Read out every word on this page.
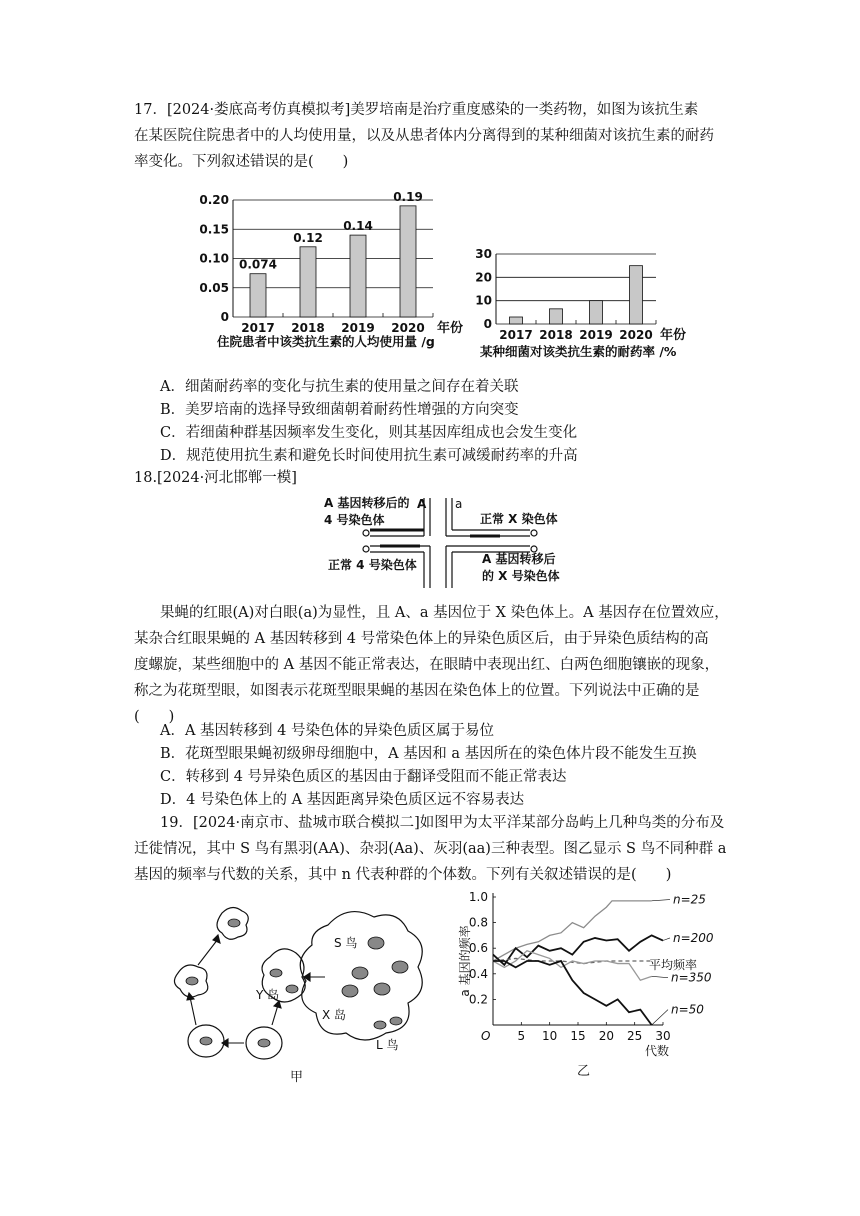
17．[2024·娄底高考仿真模拟考]美罗培南是治疗重度感染的一类药物，如图为该抗生素
在某医院住院患者中的人均使用量，以及从患者体内分离得到的某种细菌对该抗生素的耐药
率变化。下列叙述错误的是(　　)
0
0.05
0.10
0.15
0.20
2017
0.074
2018
0.12
2019
0.14
2020
0.19
年份
住院患者中该类抗生素的人均使用量 /g
0
10
20
30
2017 2018 2019 2020 年份
某种细菌对该类抗生素的耐药率 /%
A．细菌耐药率的变化与抗生素的使用量之间存在着关联
B．美罗培南的选择导致细菌朝着耐药性增强的方向突变
C．若细菌种群基因频率发生变化，则其基因库组成也会发生变化
D．规范使用抗生素和避免长时间使用抗生素可减缓耐药率的升高
18.[2024·河北邯郸一模]
A 基因转移后的
4 号染色体
A a
正常 X 染色体
正常 4 号染色体	A 基因转移后
的 X 号染色体
果蝇的红眼(A)对白眼(a)为显性，且 A、a 基因位于 X 染色体上。A 基因存在位置效应，
某杂合红眼果蝇的 A 基因转移到 4 号常染色体上的异染色质区后，由于异染色质结构的高
度螺旋，某些细胞中的 A 基因不能正常表达，在眼睛中表现出红、白两色细胞镶嵌的现象，
称之为花斑型眼，如图表示花斑型眼果蝇的基因在染色体上的位置。下列说法中正确的是
(　　)
A．A 基因转移到 4 号染色体的异染色质区属于易位
B．花斑型眼果蝇初级卵母细胞中，A 基因和 a 基因所在的染色体片段不能发生互换
C．转移到 4 号异染色质区的基因由于翻译受阻而不能正常表达
D．4 号染色体上的 A 基因距离异染色质区远不容易表达
19．[2024·南京市、盐城市联合模拟二]如图甲为太平洋某部分岛屿上几种鸟类的分布及
迁徙情况，其中 S 鸟有黑羽(AA)、杂羽(Aa)、灰羽(aa)三种表型。图乙显示 S 鸟不同种群 a
基因的频率与代数的关系，其中 n 代表种群的个体数。下列有关叙述错误的是(　　)
S 鸟
Y 岛
X 岛
L 鸟
甲
O 5 10 15 20 25 30
0.2
0.4
0.6
0.8
1.0
代数
a 基因的频率
n=25
n=200
平均频率
n=350
n=50
乙
